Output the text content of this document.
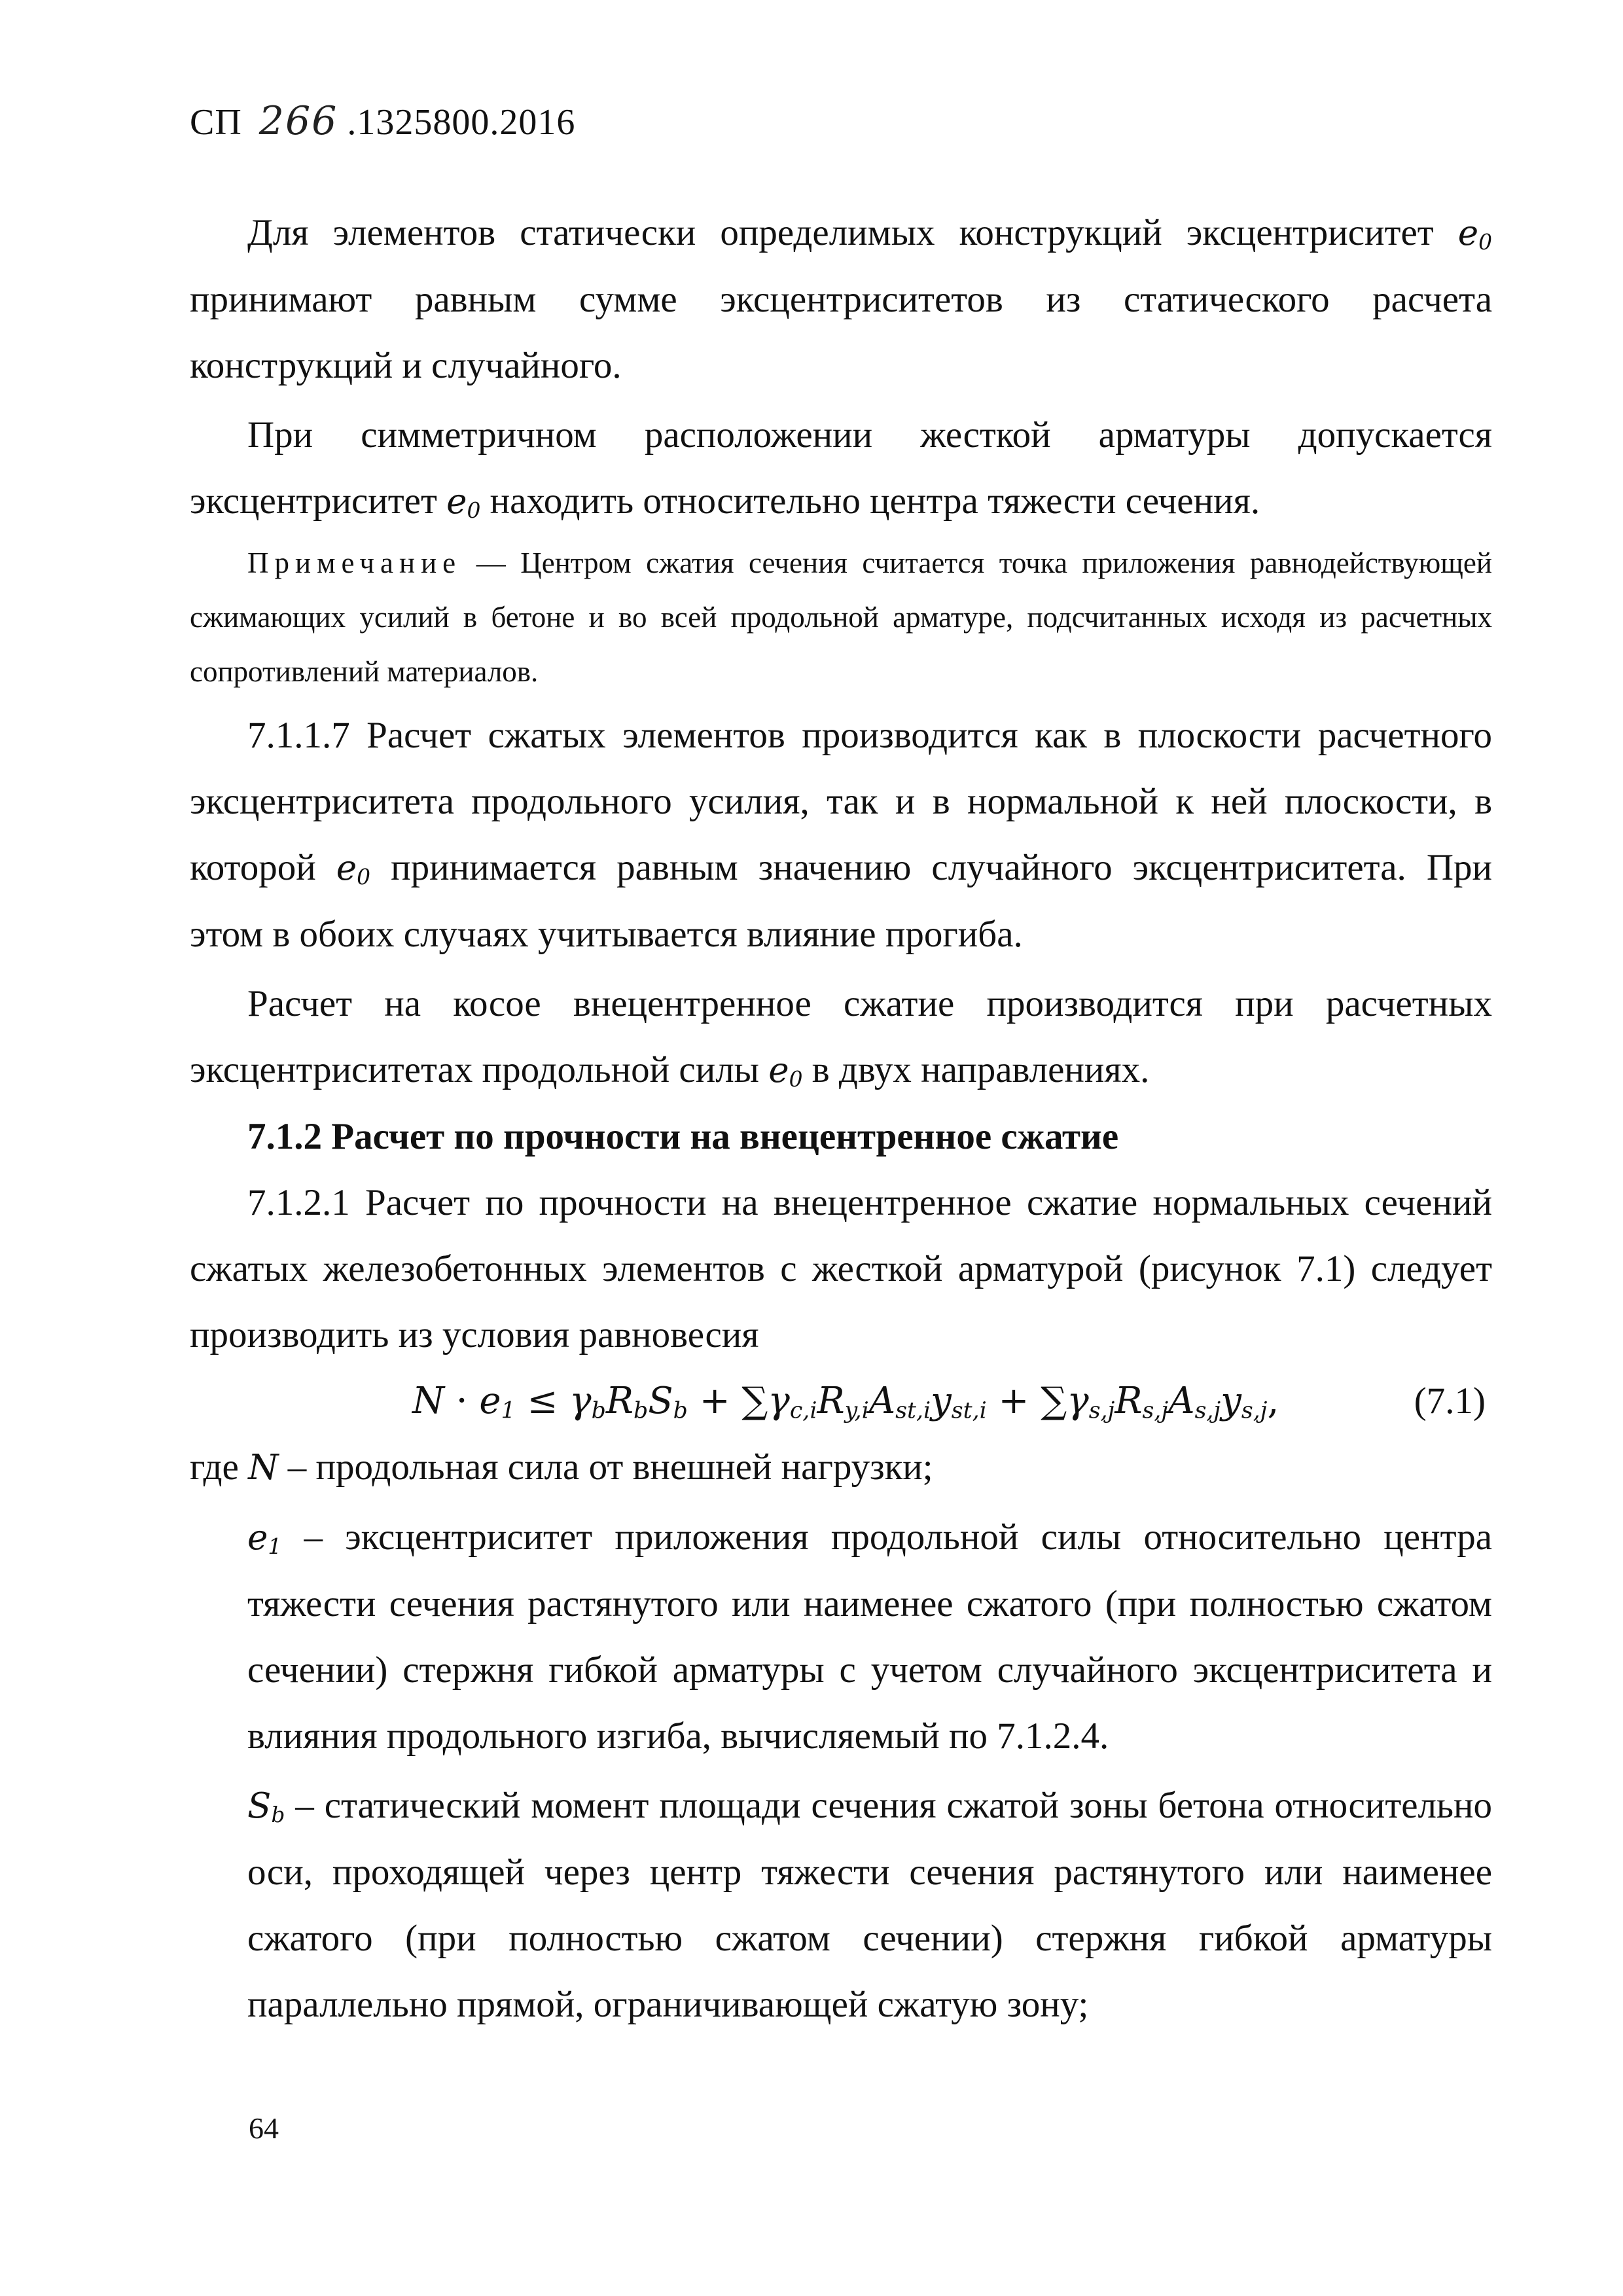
СП 266 .1325800.2016

Для элементов статически определимых конструкций эксцентриситет $e_0$ принимают равным сумме эксцентриситетов из статического расчета конструкций и случайного.

При симметричном расположении жесткой арматуры допускается эксцентриситет $e_0$ находить относительно центра тяжести сечения.

Примечание — Центром сжатия сечения считается точка приложения равнодействующей сжимающих усилий в бетоне и во всей продольной арматуре, подсчитанных исходя из расчетных сопротивлений материалов.

7.1.1.7 Расчет сжатых элементов производится как в плоскости расчетного эксцентриситета продольного усилия, так и в нормальной к ней плоскости, в которой $e_0$ принимается равным значению случайного эксцентриситета. При этом в обоих случаях учитывается влияние прогиба.

Расчет на косое внецентренное сжатие производится при расчетных эксцентриситетах продольной силы $e_0$ в двух направлениях.

7.1.2 Расчет по прочности на внецентренное сжатие

7.1.2.1 Расчет по прочности на внецентренное сжатие нормальных сечений сжатых железобетонных элементов с жесткой арматурой (рисунок 7.1) следует производить из условия равновесия

$N \cdot e_1 \le \gamma_bR_bS_b + \sum\gamma_{c,i}R_{y,i}A_{st,i}y_{st,i} + \sum\gamma_{s,j}R_{s,j}A_{s,j}y_{s,j}$,	(7.1)

где N – продольная сила от внешней нагрузки;

$e_1$ – эксцентриситет приложения продольной силы относительно центра тяжести сечения растянутого или наименее сжатого (при полностью сжатом сечении) стержня гибкой арматуры с учетом случайного эксцентриситета и влияния продольного изгиба, вычисляемый по 7.1.2.4.

$S_b$ – статический момент площади сечения сжатой зоны бетона относительно оси, проходящей через центр тяжести сечения растянутого или наименее сжатого (при полностью сжатом сечении) стержня гибкой арматуры параллельно прямой, ограничивающей сжатую зону;

64
